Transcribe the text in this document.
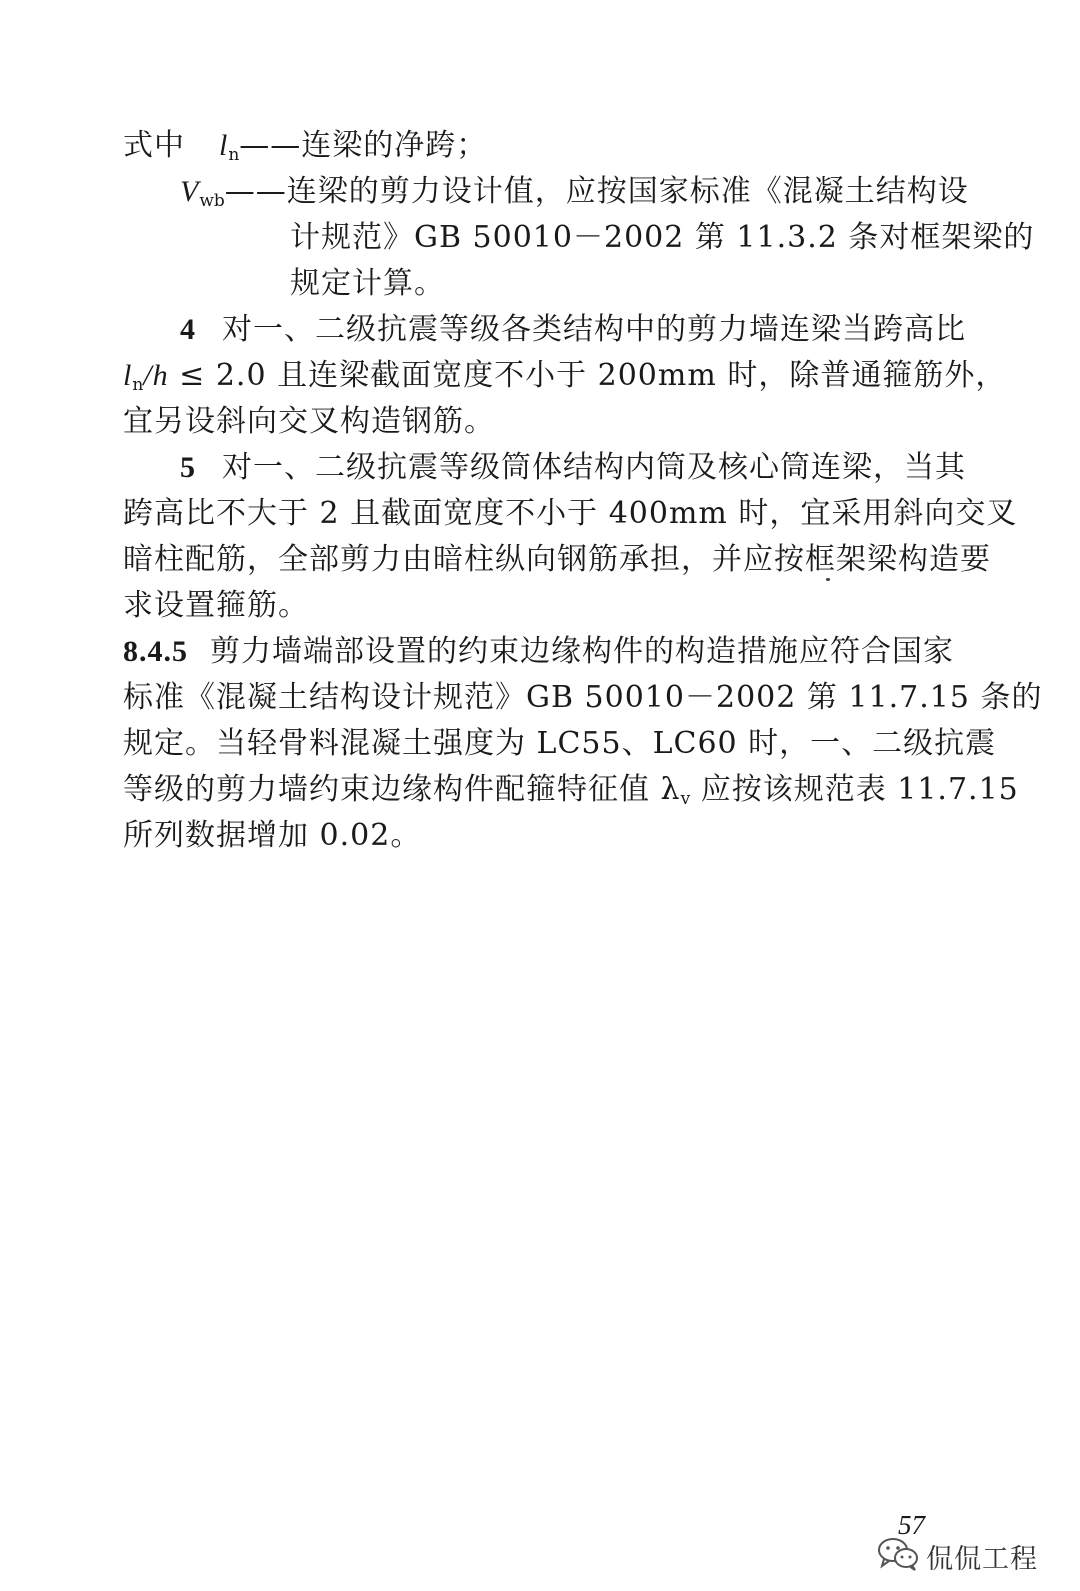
式中 $l_n——$连梁的净跨；
$V_{wb}——$连梁的剪力设计值，应按国家标准《混凝土结构设
计规范》GB 50010－2002 第 11.3.2 条对框架梁的
规定计算。
4 对一、二级抗震等级各类结构中的剪力墙连梁当跨高比
$l_n/h \le 2.0$ 且连梁截面宽度不小于 200mm 时，除普通箍筋外，
宜另设斜向交叉构造钢筋。
5 对一、二级抗震等级筒体结构内筒及核心筒连梁，当其
跨高比不大于 2 且截面宽度不小于 400mm 时，宜采用斜向交叉
暗柱配筋，全部剪力由暗柱纵向钢筋承担，并应按框架梁构造要
求设置箍筋。
8.4.5 剪力墙端部设置的约束边缘构件的构造措施应符合国家
标准《混凝土结构设计规范》GB 50010－2002 第 11.7.15 条的
规定。当轻骨料混凝土强度为 LC55、LC60 时，一、二级抗震
等级的剪力墙约束边缘构件配箍特征值 $\lambda_v$ 应按该规范表 11.7.15
所列数据增加 0.02。
57
侃侃工程
